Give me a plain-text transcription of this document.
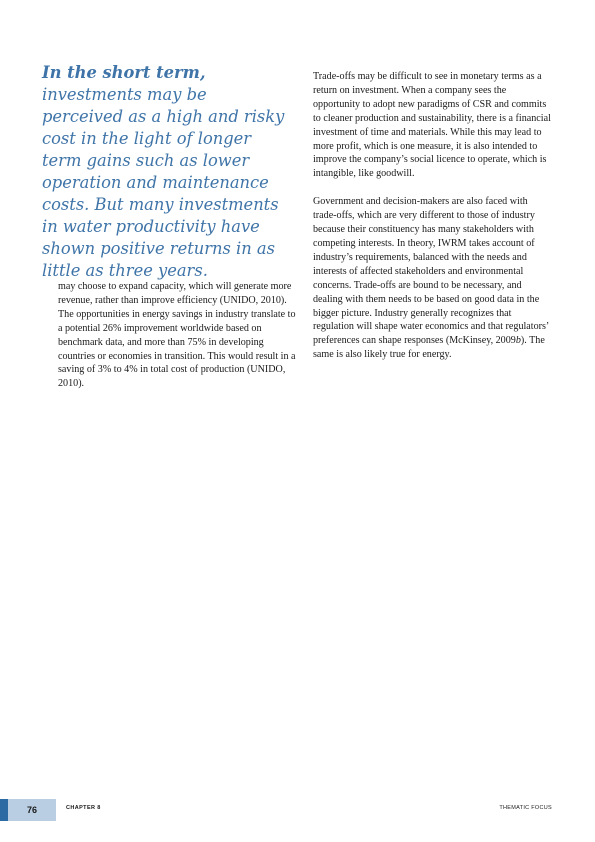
In the short term, investments may be perceived as a high and risky cost in the light of longer term gains such as lower operation and maintenance costs. But many investments in water productivity have shown positive returns in as little as three years.

may choose to expand capacity, which will generate more revenue, rather than improve efficiency (UNIDO, 2010). The opportunities in energy savings in industry translate to a potential 26% improvement worldwide based on benchmark data, and more than 75% in developing countries or economies in transition. This would result in a saving of 3% to 4% in total cost of production (UNIDO, 2010).

Trade-offs may be difficult to see in monetary terms as a return on investment. When a company sees the opportunity to adopt new paradigms of CSR and commits to cleaner production and sustainability, there is a financial investment of time and materials. While this may lead to more profit, which is one measure, it is also intended to improve the company’s social licence to operate, which is intangible, like goodwill.

Government and decision-makers are also faced with trade-offs, which are very different to those of industry because their constituency has many stakeholders with competing interests. In theory, IWRM takes account of industry’s requirements, balanced with the needs and interests of affected stakeholders and environmental concerns. Trade-offs are bound to be necessary, and dealing with them needs to be based on good data in the bigger picture. Industry generally recognizes that regulation will shape water economics and that regulators’ preferences can shape responses (McKinsey, 2009b). The same is also likely true for energy.

76	CHAPTER 8	THEMATIC FOCUS
